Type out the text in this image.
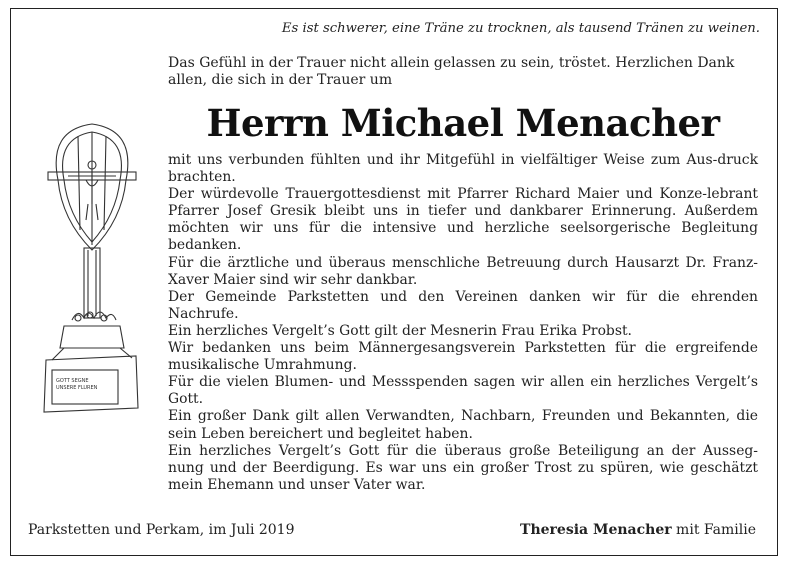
Es ist schwerer, eine Träne zu trocknen, als tausend Tränen zu weinen.
Das Gefühl in der Trauer nicht allein gelassen zu sein, tröstet. Herzlichen Dank allen, die sich in der Trauer um
Herrn Michael Menacher
GOTT SEGNE
UNSERE FLUREN

mit uns verbunden fühlten und ihr Mitgefühl in vielfältiger Weise zum Aus-druck brachten.

Der würdevolle Trauergottesdienst mit Pfarrer Richard Maier und Konze-lebrant Pfarrer Josef Gresik bleibt uns in tiefer und dankbarer Erinnerung. Außerdem möchten wir uns für die intensive und herzliche seelsorgerische Begleitung bedanken.

Für die ärztliche und überaus menschliche Betreuung durch Hausarzt Dr. Franz-Xaver Maier sind wir sehr dankbar.

Der Gemeinde Parkstetten und den Vereinen danken wir für die ehrenden Nachrufe.

Ein herzliches Vergelt’s Gott gilt der Mesnerin Frau Erika Probst.

Wir bedanken uns beim Männergesangsverein Parkstetten für die ergreifende musikalische Umrahmung.

Für die vielen Blumen- und Messspenden sagen wir allen ein herzliches Vergelt’s Gott.

Ein großer Dank gilt allen Verwandten, Nachbarn, Freunden und Bekannten, die sein Leben bereichert und begleitet haben.

Ein herzliches Vergelt’s Gott für die überaus große Beteiligung an der Ausseg-nung und der Beerdigung. Es war uns ein großer Trost zu spüren, wie geschätzt mein Ehemann und unser Vater war.

Parkstetten und Perkam, im Juli 2019	Theresia Menacher mit Familie
